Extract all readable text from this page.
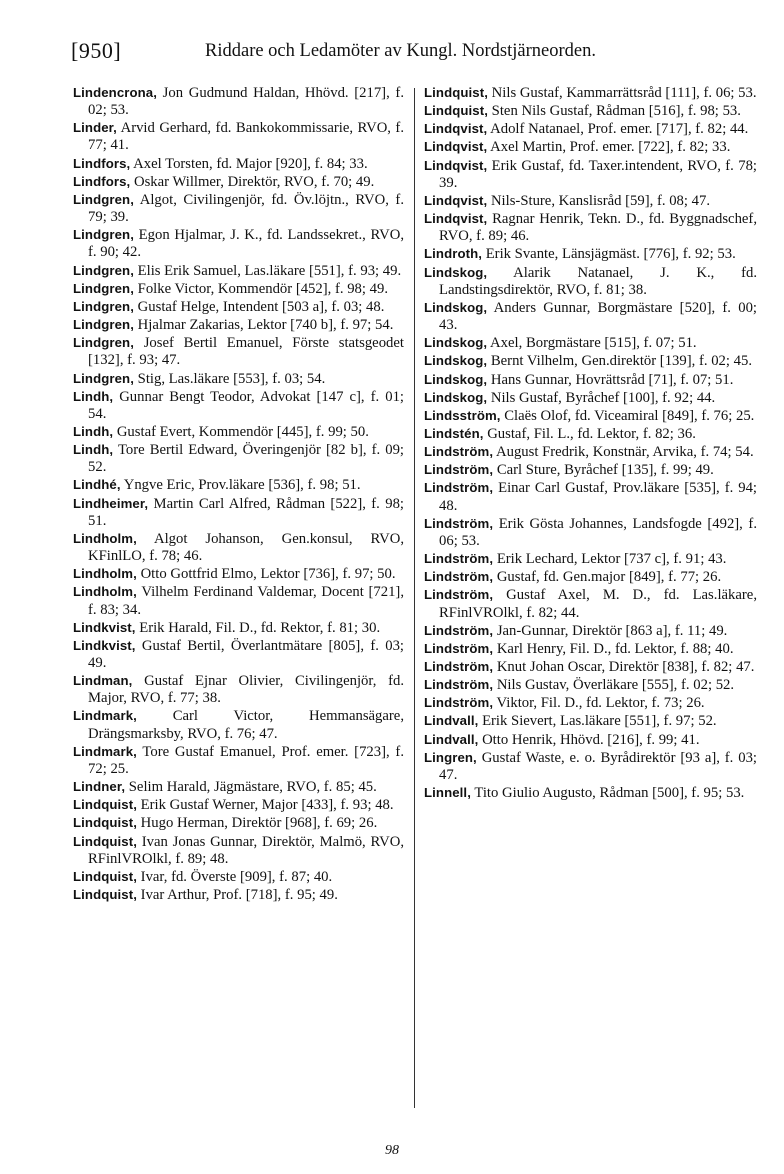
[950]	Riddare och Ledamöter av Kungl. Nordstjärneorden.

Lindencrona, Jon Gudmund Haldan, Hhövd. [217], f. 02; 53.

Linder, Arvid Gerhard, fd. Bankokommissarie, RVO, f. 77; 41.

Lindfors, Axel Torsten, fd. Major [920], f. 84; 33.

Lindfors, Oskar Willmer, Direktör, RVO, f. 70; 49.

Lindgren, Algot, Civilingenjör, fd. Öv.löjtn., RVO, f. 79; 39.

Lindgren, Egon Hjalmar, J. K., fd. Landssekret., RVO, f. 90; 42.

Lindgren, Elis Erik Samuel, Las.läkare [551], f. 93; 49.

Lindgren, Folke Victor, Kommendör [452], f. 98; 49.

Lindgren, Gustaf Helge, Intendent [503 a], f. 03; 48.

Lindgren, Hjalmar Zakarias, Lektor [740 b], f. 97; 54.

Lindgren, Josef Bertil Emanuel, Förste statsgeodet [132], f. 93; 47.

Lindgren, Stig, Las.läkare [553], f. 03; 54.

Lindh, Gunnar Bengt Teodor, Advokat [147 c], f. 01; 54.

Lindh, Gustaf Evert, Kommendör [445], f. 99; 50.

Lindh, Tore Bertil Edward, Överingenjör [82 b], f. 09; 52.

Lindhé, Yngve Eric, Prov.läkare [536], f. 98; 51.

Lindheimer, Martin Carl Alfred, Rådman [522], f. 98; 51.

Lindholm, Algot Johanson, Gen.konsul, RVO, KFinlLO, f. 78; 46.

Lindholm, Otto Gottfrid Elmo, Lektor [736], f. 97; 50.

Lindholm, Vilhelm Ferdinand Valdemar, Docent [721], f. 83; 34.

Lindkvist, Erik Harald, Fil. D., fd. Rektor, f. 81; 30.

Lindkvist, Gustaf Bertil, Överlantmätare [805], f. 03; 49.

Lindman, Gustaf Ejnar Olivier, Civilingenjör, fd. Major, RVO, f. 77; 38.

Lindmark, Carl Victor, Hemmansägare, Drängsmarksby, RVO, f. 76; 47.

Lindmark, Tore Gustaf Emanuel, Prof. emer. [723], f. 72; 25.

Lindner, Selim Harald, Jägmästare, RVO, f. 85; 45.

Lindquist, Erik Gustaf Werner, Major [433], f. 93; 48.

Lindquist, Hugo Herman, Direktör [968], f. 69; 26.

Lindquist, Ivan Jonas Gunnar, Direktör, Malmö, RVO, RFinlVROlkl, f. 89; 48.

Lindquist, Ivar, fd. Överste [909], f. 87; 40.

Lindquist, Ivar Arthur, Prof. [718], f. 95; 49.

Lindquist, Nils Gustaf, Kammarrättsråd [111], f. 06; 53.

Lindquist, Sten Nils Gustaf, Rådman [516], f. 98; 53.

Lindqvist, Adolf Natanael, Prof. emer. [717], f. 82; 44.

Lindqvist, Axel Martin, Prof. emer. [722], f. 82; 33.

Lindqvist, Erik Gustaf, fd. Taxer.intendent, RVO, f. 78; 39.

Lindqvist, Nils-Sture, Kanslisråd [59], f. 08; 47.

Lindqvist, Ragnar Henrik, Tekn. D., fd. Byggnadschef, RVO, f. 89; 46.

Lindroth, Erik Svante, Länsjägmäst. [776], f. 92; 53.

Lindskog, Alarik Natanael, J. K., fd. Landstingsdirektör, RVO, f. 81; 38.

Lindskog, Anders Gunnar, Borgmästare [520], f. 00; 43.

Lindskog, Axel, Borgmästare [515], f. 07; 51.

Lindskog, Bernt Vilhelm, Gen.direktör [139], f. 02; 45.

Lindskog, Hans Gunnar, Hovrättsråd [71], f. 07; 51.

Lindskog, Nils Gustaf, Byråchef [100], f. 92; 44.

Lindsström, Claës Olof, fd. Viceamiral [849], f. 76; 25.

Lindstén, Gustaf, Fil. L., fd. Lektor, f. 82; 36.

Lindström, August Fredrik, Konstnär, Arvika, f. 74; 54.

Lindström, Carl Sture, Byråchef [135], f. 99; 49.

Lindström, Einar Carl Gustaf, Prov.läkare [535], f. 94; 48.

Lindström, Erik Gösta Johannes, Landsfogde [492], f. 06; 53.

Lindström, Erik Lechard, Lektor [737 c], f. 91; 43.

Lindström, Gustaf, fd. Gen.major [849], f. 77; 26.

Lindström, Gustaf Axel, M. D., fd. Las.läkare, RFinlVROlkl, f. 82; 44.

Lindström, Jan-Gunnar, Direktör [863 a], f. 11; 49.

Lindström, Karl Henry, Fil. D., fd. Lektor, f. 88; 40.

Lindström, Knut Johan Oscar, Direktör [838], f. 82; 47.

Lindström, Nils Gustav, Överläkare [555], f. 02; 52.

Lindström, Viktor, Fil. D., fd. Lektor, f. 73; 26.

Lindvall, Erik Sievert, Las.läkare [551], f. 97; 52.

Lindvall, Otto Henrik, Hhövd. [216], f. 99; 41.

Lingren, Gustaf Waste, e. o. Byrådirektör [93 a], f. 03; 47.

Linnell, Tito Giulio Augusto, Rådman [500], f. 95; 53.

98
